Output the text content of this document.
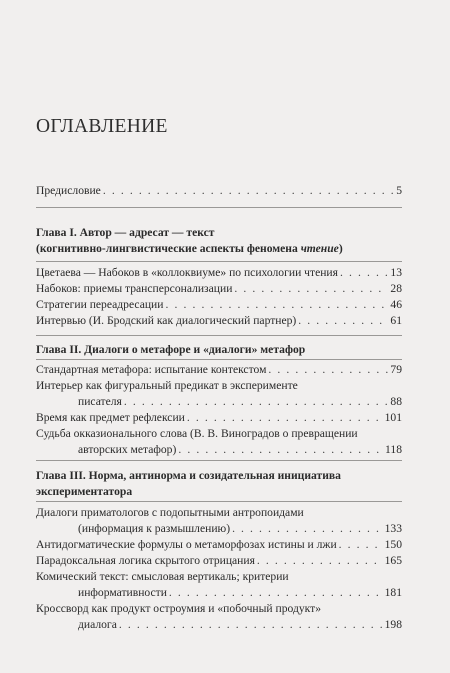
ОГЛАВЛЕНИЕ
Предисловие . . .	5
Глава I. Автор — адресат — текст
(когнитивно-лингвистические аспекты феномена чтение)
Цветаева — Набоков в «коллоквиуме» по психологии чтения . . .	13
Набоков: приемы трансперсонализации . . .	28
Стратегии переадресации . . .	46
Интервью (И. Бродский как диалогический партнер) . . .	61
Глава II. Диалоги о метафоре и «диалоги» метафор
Стандартная метафора: испытание контекстом . . .	79
Интерьер как фигуральный предикат в эксперименте
писателя . . .	88
Время как предмет рефлексии . . .	101
Судьба окказионального слова (В. В. Виноградов о превращении
авторских метафор) . . .	118
Глава III. Норма, антинорма и созидательная инициатива
экспериментатора
Диалоги приматологов с подопытными антропоидами
(информация к размышлению) . . .	133
Антидогматические формулы о метаморфозах истины и лжи . . .	150
Парадоксальная логика скрытого отрицания . . .	165
Комический текст: смысловая вертикаль; критерии
информативности . . .	181
Кроссворд как продукт остроумия и «побочный продукт»
диалога . . .	198
